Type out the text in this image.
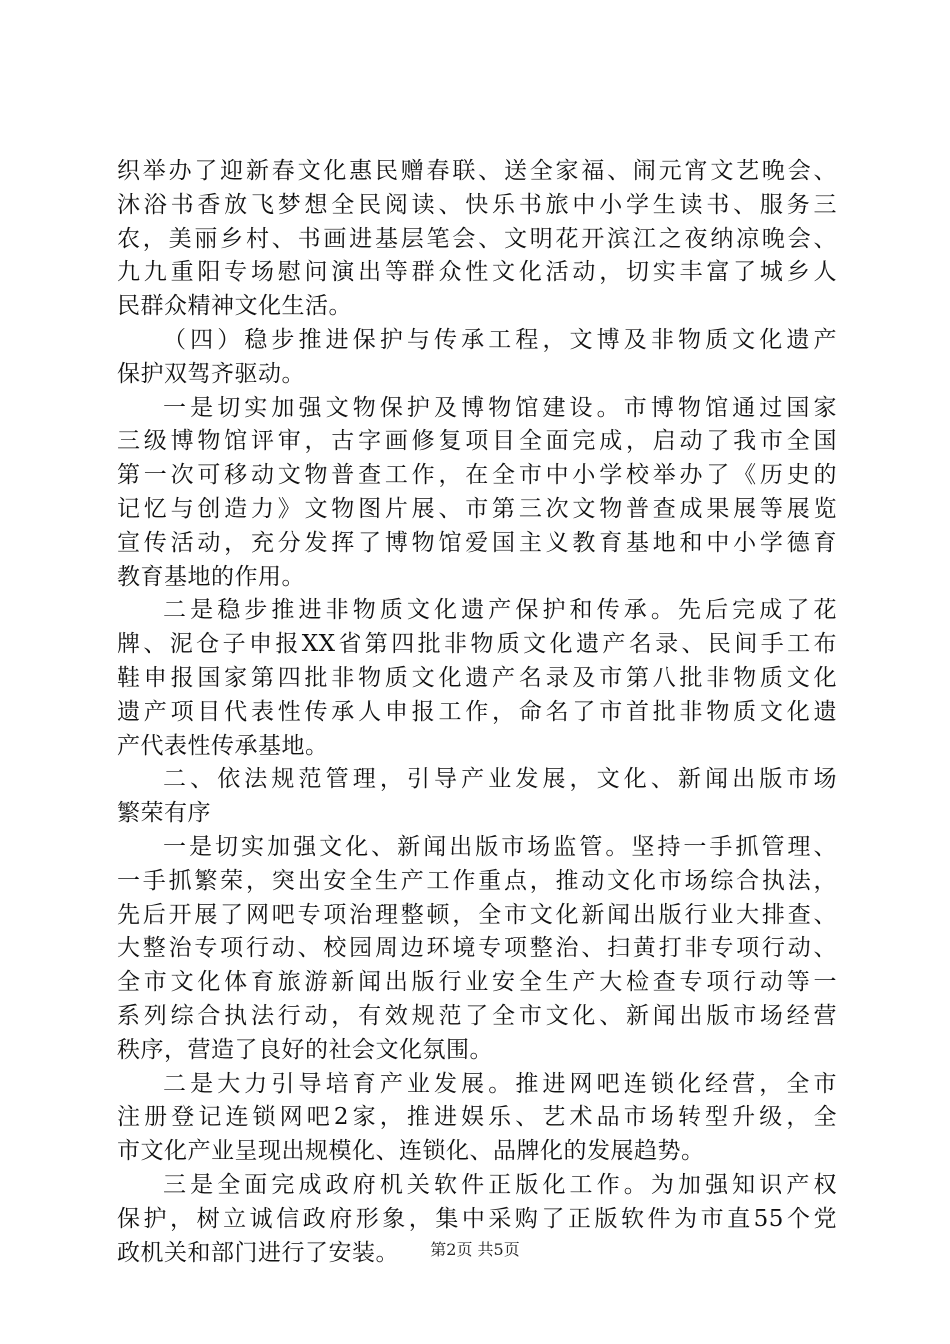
织举办了迎新春文化惠民赠春联、送全家福、闹元宵文艺晚会、
沐浴书香放飞梦想全民阅读、快乐书旅中小学生读书、服务三
农，美丽乡村、书画进基层笔会、文明花开滨江之夜纳凉晚会、
九九重阳专场慰问演出等群众性文化活动，切实丰富了城乡人
民群众精神文化生活。
（四）稳步推进保护与传承工程，文博及非物质文化遗产
保护双驾齐驱动。
一是切实加强文物保护及博物馆建设。市博物馆通过国家
三级博物馆评审，古字画修复项目全面完成，启动了我市全国
第一次可移动文物普查工作，在全市中小学校举办了《历史的
记忆与创造力》文物图片展、市第三次文物普查成果展等展览
宣传活动，充分发挥了博物馆爱国主义教育基地和中小学德育
教育基地的作用。
二是稳步推进非物质文化遗产保护和传承。先后完成了花
牌、泥仓子申报XX省第四批非物质文化遗产名录、民间手工布
鞋申报国家第四批非物质文化遗产名录及市第八批非物质文化
遗产项目代表性传承人申报工作，命名了市首批非物质文化遗
产代表性传承基地。
二、依法规范管理，引导产业发展，文化、新闻出版市场
繁荣有序
一是切实加强文化、新闻出版市场监管。坚持一手抓管理、
一手抓繁荣，突出安全生产工作重点，推动文化市场综合执法，
先后开展了网吧专项治理整顿，全市文化新闻出版行业大排查、
大整治专项行动、校园周边环境专项整治、扫黄打非专项行动、
全市文化体育旅游新闻出版行业安全生产大检查专项行动等一
系列综合执法行动，有效规范了全市文化、新闻出版市场经营
秩序，营造了良好的社会文化氛围。
二是大力引导培育产业发展。推进网吧连锁化经营，全市
注册登记连锁网吧2家，推进娱乐、艺术品市场转型升级，全
市文化产业呈现出规模化、连锁化、品牌化的发展趋势。
三是全面完成政府机关软件正版化工作。为加强知识产权
保护，树立诚信政府形象，集中采购了正版软件为市直55个党
政机关和部门进行了安装。	第2页 共5页
